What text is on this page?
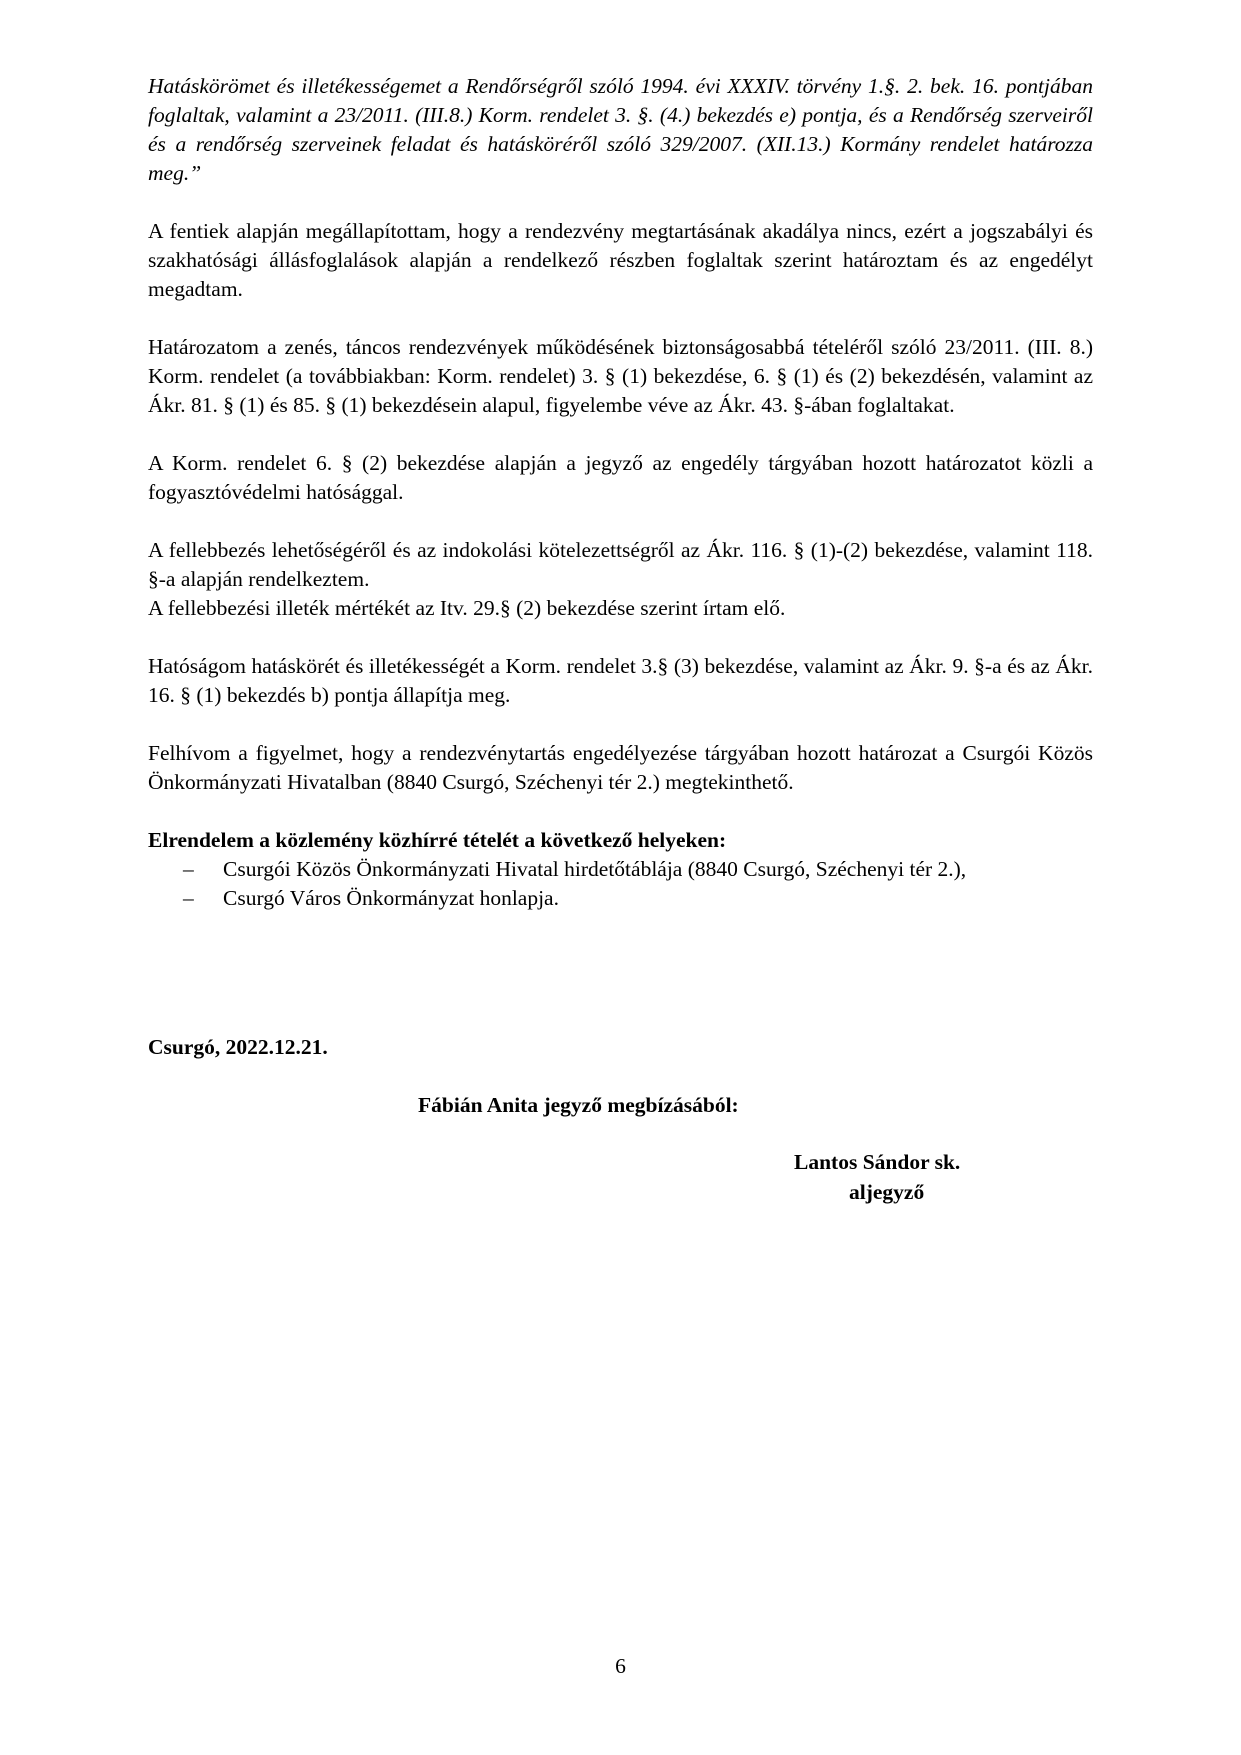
Hatáskörömet és illetékességemet a Rendőrségről szóló 1994. évi XXXIV. törvény 1.§. 2. bek. 16. pontjában foglaltak, valamint a 23/2011. (III.8.) Korm. rendelet 3. §. (4.) bekezdés e) pontja, és a Rendőrség szerveiről és a rendőrség szerveinek feladat és hatásköréről szóló 329/2007. (XII.13.) Kormány rendelet határozza meg.”

A fentiek alapján megállapítottam, hogy a rendezvény megtartásának akadálya nincs, ezért a jogszabályi és szakhatósági állásfoglalások alapján a rendelkező részben foglaltak szerint határoztam és az engedélyt megadtam.

Határozatom a zenés, táncos rendezvények működésének biztonságosabbá tételéről szóló 23/2011. (III. 8.) Korm. rendelet (a továbbiakban: Korm. rendelet) 3. § (1) bekezdése, 6. § (1) és (2) bekezdésén, valamint az Ákr. 81. § (1) és 85. § (1) bekezdésein alapul, figyelembe véve az Ákr. 43. §-ában foglaltakat.

A Korm. rendelet 6. § (2) bekezdése alapján a jegyző az engedély tárgyában hozott határozatot közli a fogyasztóvédelmi hatósággal.

A fellebbezés lehetőségéről és az indokolási kötelezettségről az Ákr. 116. § (1)-(2) bekezdése, valamint 118. §-a alapján rendelkeztem.

A fellebbezési illeték mértékét az Itv. 29.§ (2) bekezdése szerint írtam elő.

Hatóságom hatáskörét és illetékességét a Korm. rendelet 3.§ (3) bekezdése, valamint az Ákr. 9. §-a és az Ákr. 16. § (1) bekezdés b) pontja állapítja meg.

Felhívom a figyelmet, hogy a rendezvénytartás engedélyezése tárgyában hozott határozat a Csurgói Közös Önkormányzati Hivatalban (8840 Csurgó, Széchenyi tér 2.) megtekinthető.

Elrendelem a közlemény közhírré tételét a következő helyeken:

– Csurgói Közös Önkormányzati Hivatal hirdetőtáblája (8840 Csurgó, Széchenyi tér 2.),
– Csurgó Város Önkormányzat honlapja.
Csurgó, 2022.12.21.
Fábián Anita jegyző megbízásából:
Lantos Sándor sk.
aljegyző
6
